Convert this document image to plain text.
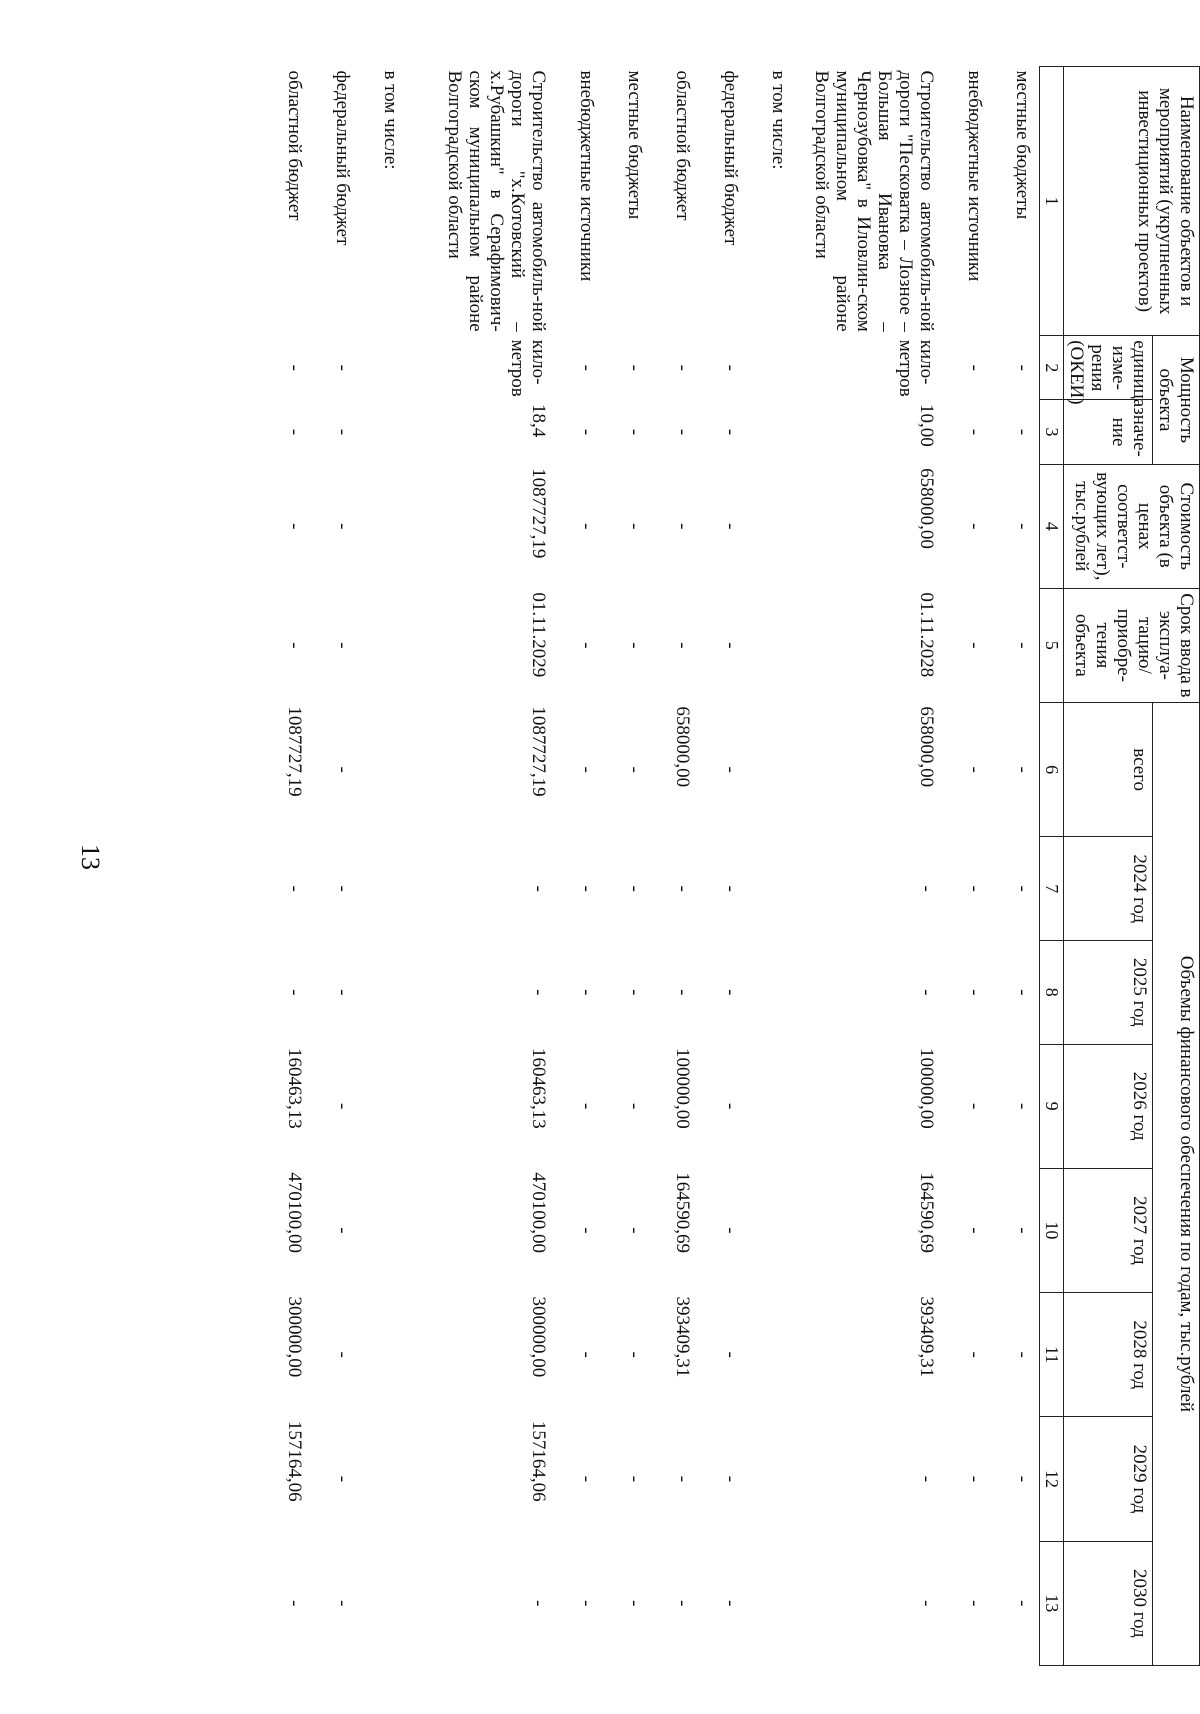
13
Наименование объектов и мероприятий (укрупненных инвестиционных проектов)	Мощность объекта		Стоимость объекта (в ценах соответст-вующих лет), тыс.рублей	Срок ввода в эксплуа-тацию/ приобре-тения объекта	Объемы финансового обеспечения по годам, тыс.рублей							
	единица изме-рения (ОКЕИ)	значе-ние			всего	2024 год	2025 год	2026 год	2027 год	2028 год	2029 год	2030 год
1	2	3	4	5	6	7	8	9	10	11	12	13
местные бюджеты	-	-	-	-	-	-	-	-	-	-	-	-
внебюджетные источники	-	-	-	-	-	-	-	-	-	-	-	-
Строительство автомобиль-ной дороги "Песковатка – Лозное – Большая Ивановка – Чернозубовка" в Иловлин-ском муниципальном районе Волгоградской области	кило-метров	10,00	658000,00	01.11.2028	658000,00	-	-	100000,00	164590,69	393409,31	-	-
в том числе:												
федеральный бюджет	-	-	-	-	-	-	-	-	-	-	-	-
областной бюджет	-	-	-	-	658000,00	-	-	100000,00	164590,69	393409,31	-	-
местные бюджеты	-	-	-	-	-	-	-	-	-	-	-	-
внебюджетные источники	-	-	-	-	-	-	-	-	-	-	-	-
Строительство автомобиль-ной дороги "х.Котовский – х.Рубашкин" в Серафимович-ском муниципальном районе Волгоградской области	кило-метров	18,4	1087727,19	01.11.2029	1087727,19	-	-	160463,13	470100,00	300000,00	157164,06	-
в том числе:												
федеральный бюджет	-	-	-	-	-	-	-	-	-	-	-	-
областной бюджет	-	-	-	-	1087727,19	-	-	160463,13	470100,00	300000,00	157164,06	-
